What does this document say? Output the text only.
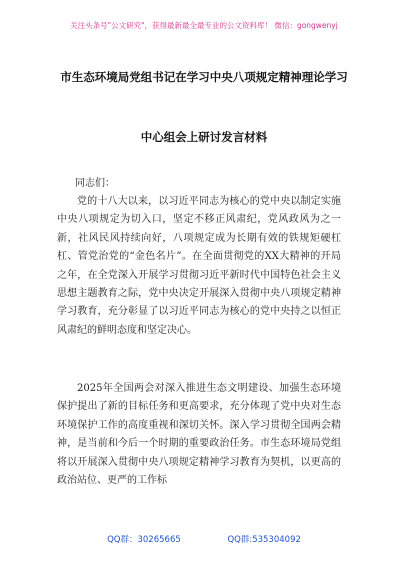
关注头条号"公文研究"，获得最新最全最专业的公文资料库！ 微信：gongwenyj
市生态环境局党组书记在学习中央八项规定精神理论学习
中心组会上研讨发言材料
同志们：

党的十八大以来，以习近平同志为核心的党中央以制定实施中央八项规定为切入口，坚定不移正风肃纪，党风政风为之一新，社风民风持续向好，八项规定成为长期有效的铁规矩硬杠杠、管党治党的“金色名片”。在全面贯彻党的XX大精神的开局之年，在全党深入开展学习贯彻习近平新时代中国特色社会主义思想主题教育之际，党中央决定开展深入贯彻中央八项规定精神学习教育，充分彰显了以习近平同志为核心的党中央持之以恒正风肃纪的鲜明态度和坚定决心。

2025年全国两会对深入推进生态文明建设、加强生态环境保护提出了新的目标任务和更高要求，充分体现了党中央对生态环境保护工作的高度重视和深切关怀。深入学习贯彻全国两会精神，是当前和今后一个时期的重要政治任务。市生态环境局党组将以开展深入贯彻中央八项规定精神学习教育为契机，以更高的政治站位、更严的工作标

QQ群：30265665	QQ群:535304092
